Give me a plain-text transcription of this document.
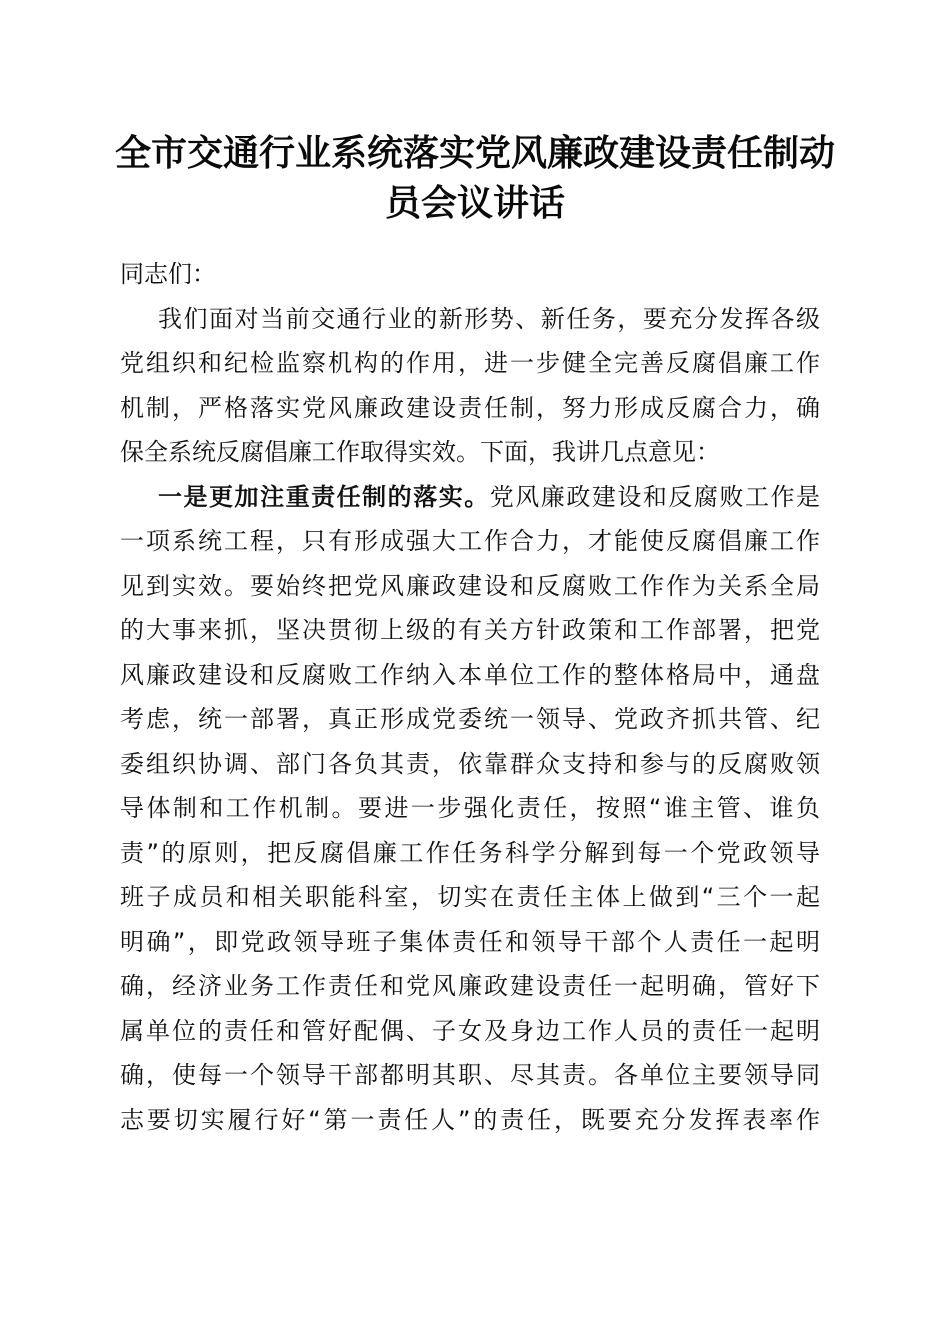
全市交通行业系统落实党风廉政建设责任制动
员会议讲话

同志们：

我们面对当前交通行业的新形势、新任务，要充分发挥各级
党组织和纪检监察机构的作用，进一步健全完善反腐倡廉工作
机制，严格落实党风廉政建设责任制，努力形成反腐合力，确
保全系统反腐倡廉工作取得实效。下面，我讲几点意见：

一是更加注重责任制的落实。党风廉政建设和反腐败工作是
一项系统工程，只有形成强大工作合力，才能使反腐倡廉工作
见到实效。要始终把党风廉政建设和反腐败工作作为关系全局
的大事来抓，坚决贯彻上级的有关方针政策和工作部署，把党
风廉政建设和反腐败工作纳入本单位工作的整体格局中，通盘
考虑，统一部署，真正形成党委统一领导、党政齐抓共管、纪
委组织协调、部门各负其责，依靠群众支持和参与的反腐败领
导体制和工作机制。要进一步强化责任，按照“谁主管、谁负
责”的原则，把反腐倡廉工作任务科学分解到每一个党政领导
班子成员和相关职能科室，切实在责任主体上做到“三个一起
明确”，即党政领导班子集体责任和领导干部个人责任一起明
确，经济业务工作责任和党风廉政建设责任一起明确，管好下
属单位的责任和管好配偶、子女及身边工作人员的责任一起明
确，使每一个领导干部都明其职、尽其责。各单位主要领导同
志要切实履行好“第一责任人”的责任，既要充分发挥表率作
